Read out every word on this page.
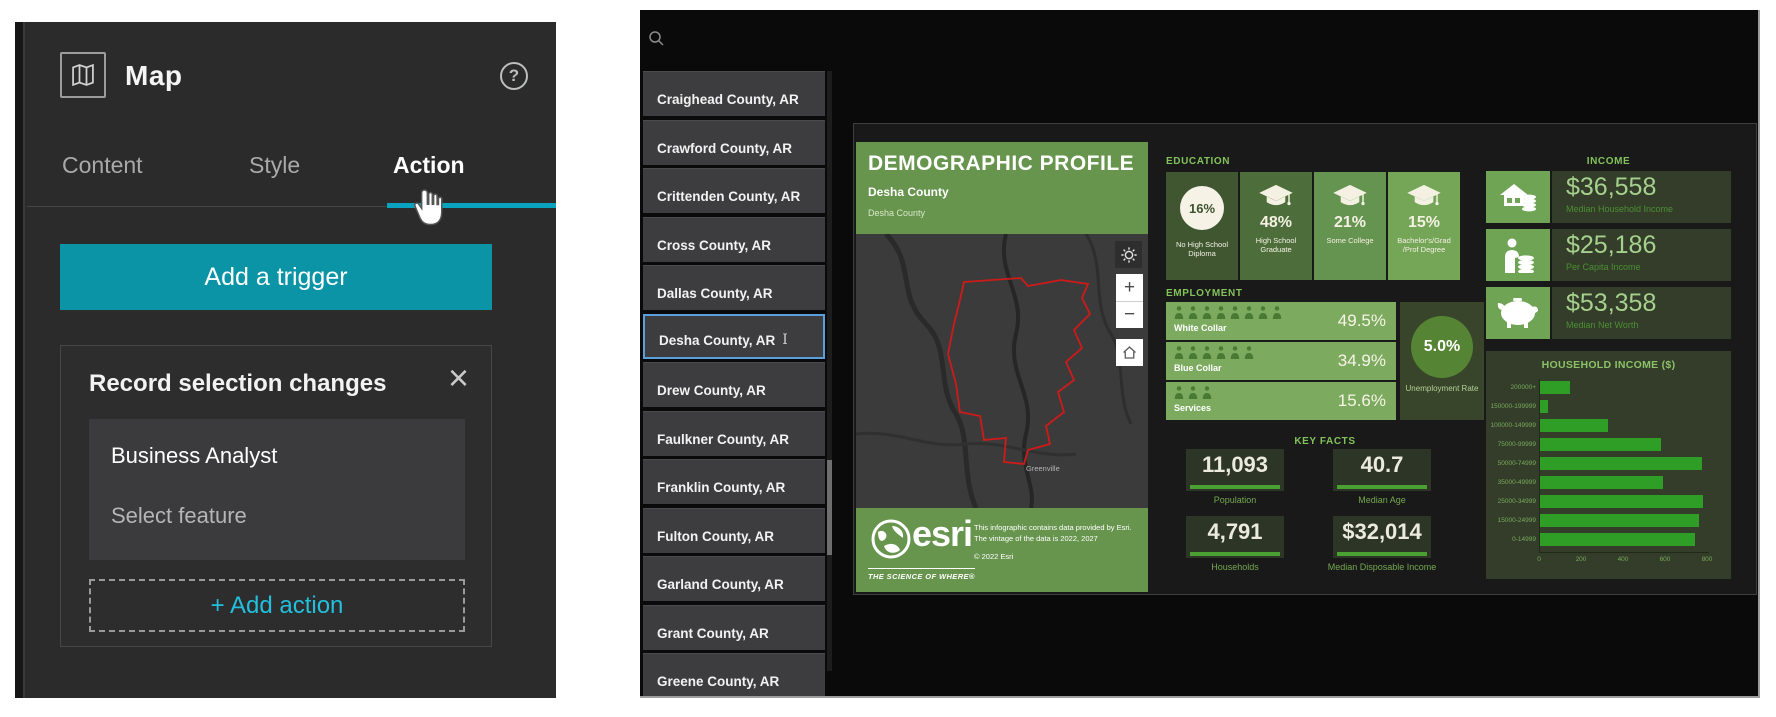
Map	?
Content	Style	Action
Add a trigger
Record selection changes ×
Business Analyst
Select feature
+ Add action
Craighead County, AR
Crawford County, AR
Crittenden County, AR
Cross County, AR
Dallas County, AR
Desha County, AR I
Drew County, AR
Faulkner County, AR
Franklin County, AR
Fulton County, AR
Garland County, AR
Grant County, AR
Greene County, AR
DEMOGRAPHIC PROFILE
Desha County
Desha County
Greenville
+
−
esri
THE SCIENCE OF WHERE®
This infographic contains data provided by Esri.
The vintage of the data is 2022, 2027
© 2022 Esri
EDUCATION
16%
No High School Diploma
48%
High School Graduate
21%
Some College
15%
Bachelor's/Grad /Prof Degree
EMPLOYMENT
White Collar	49.5%
Blue Collar	34.9%
Services	15.6%
5.0%
Unemployment Rate
KEY FACTS
11,093
Population
40.7
Median Age
4,791
Households
$32,014
Median Disposable Income
INCOME
$36,558
Median Household Income
$25,186
Per Capita Income
$53,358
Median Net Worth
HOUSEHOLD INCOME ($)
200000+
150000-199999
100000-149999
75000-99999
50000-74999
35000-49999
25000-34999
15000-24999
0-14999
0	200	400	600	800
